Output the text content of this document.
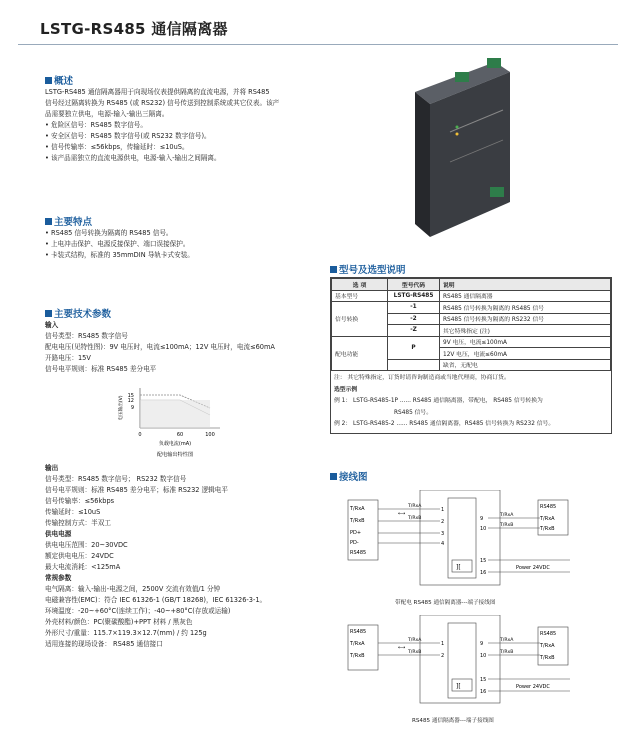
LSTG-RS485 通信隔离器
概述

LSTG-RS485 通信隔离器用于向现场仪表提供隔离的直流电源，并将 RS485

信号经过隔离转换为 RS485 (或 RS232) 信号传送到控制系统或其它仪表。该产

品需要独立供电，电源-输入-输出三隔离。

• 危险区信号：RS485 数字信号。

• 安全区信号：RS485 数字信号(或 RS232 数字信号)。

• 信号传输率：≤56kbps，传输延时：≤10uS。

• 该产品需独立的直流电源供电，电源-输入-输出之间隔离。

主要特点

• RS485 信号转换为隔离的 RS485 信号。

• 上电冲击保护、电源反接保护、端口误接保护。

• 卡装式结构，标准的 35mmDIN 导轨卡式安装。

主要技术参数

输入

信号类型：RS485 数字信号

配电电压(见特性图)：9V 电压时，电流≤100mA；12V 电压时，电流≤60mA

开路电压：15V

信号电平规则：标准 RS485 差分电平

15
12
9
0	60	100
负载电流(mA)
电压输出(V)
配电输出特性图

输出

信号类型：RS485 数字信号； RS232 数字信号

信号电平规则：标准 RS485 差分电平；标准 RS232 逻辑电平

信号传输率：≤56kbps

传输延时：≤10uS

传输控制方式：半双工

供电电源

供电电压范围：20~30VDC

额定供电电压：24VDC

最大电流消耗：<125mA

常规参数

电气隔离：输入-输出-电源之间，2500V 交流有效值/1 分钟

电磁兼容性(EMC)：符合 IEC 61326-1 (GB/T 18268)，IEC 61326-3-1。

环境温度：-20~+60°C(连续工作)；-40~+80°C(存放或运输)

外壳材料/颜色：PC(聚碳酸酯)+PPT 材料 / 黑灰色

外形尺寸/重量：115.7×119.3×12.7(mm) / 约 125g

适用连接的现场设备： RS485 通信接口

型号及选型说明
选 项	型号代码	说明
基本型号	LSTG-RS485	RS485 通信隔离器
信号转换	-1	RS485 信号转换为隔离的 RS485 信号
	-2	RS485 信号转换为隔离的 RS232 信号
	-Z	其它特殊指定 (注)
配电功能	P	9V 电压，电流≤100mA
		12V 电压，电流≤60mA
		缺省，无配电

注： 其它特殊指定，订货时请咨询制造商或当地代理商，协商订货。

选型示例

例 1： LSTG-RS485-1P ...... RS485 通信隔离器，带配电， RS485 信号转换为

RS485 信号。

例 2： LSTG-RS485-2 ...... RS485 通信隔离器，RS485 信号转换为 RS232 信号。

接线图
T/RxA
T/RxB
PD+
PD-
RS485
T/RxA
T/RxB
⟷
][
1
2
3
4
9
10
15
16
T/RxA
T/RxB
RS485
T/RxA
T/RxB
Power 24VDC
带配电 RS485 通信隔离器---端子接线图
RS485
T/RxA
T/RxB
T/RxA
T/RxB
⟷
][
1
2
9
10
15
16
T/RxA
T/RxB
RS485
T/RxA
T/RxB
Power 24VDC
RS485 通信隔离器---端子接线图
